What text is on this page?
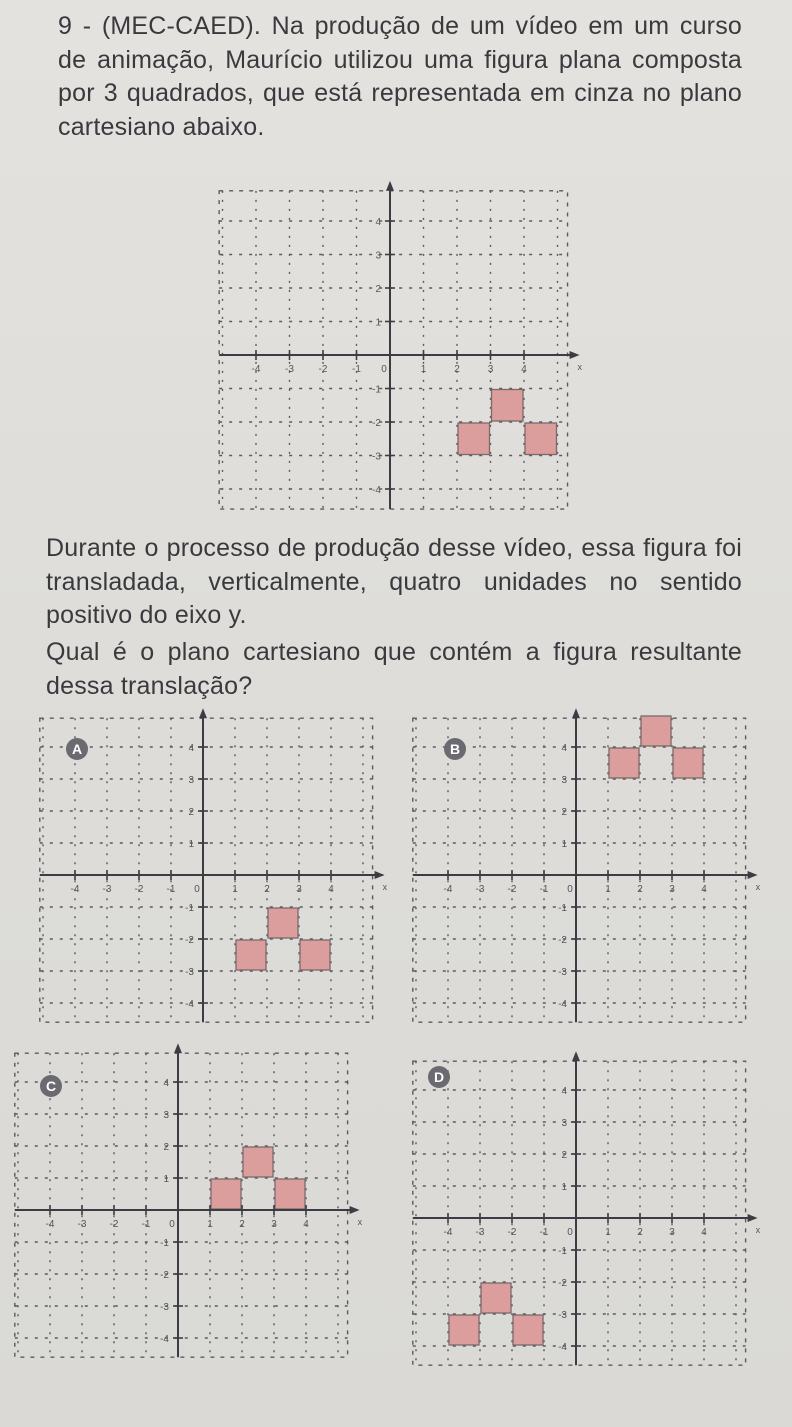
9 - (MEC-CAED). Na produção de um vídeo em um curso de animação, Maurício utilizou uma figura plana composta por 3 quadrados, que está representada em cinza no plano cartesiano abaixo.
-4 -3 -2 -1 0	1	2	3	4	x
4
3
2
1
-1
-2
-3
-4
Durante o processo de produção desse vídeo, essa figura foi transladada, verticalmente, quatro unidades no sentido positivo do eixo y.
Qual é o plano cartesiano que contém a figura resultante dessa translação?
-4 -3 -2 -1 0	1	2	3	4	x
4
3
2
1
-1
-2
-3
-4
A
-4 -3 -2 -1 0	1	2	3	4	x
4
3
2
1
-1
-2
-3
-4
B
-4 -3 -2 -1 0	1	2	3	4	x
4
3
2
1
-1
-2
-3
-4
C
-4 -3 -2 -1 0	1	2	3	4	x
4
3
2
1
-1
-2
-3
-4
D
